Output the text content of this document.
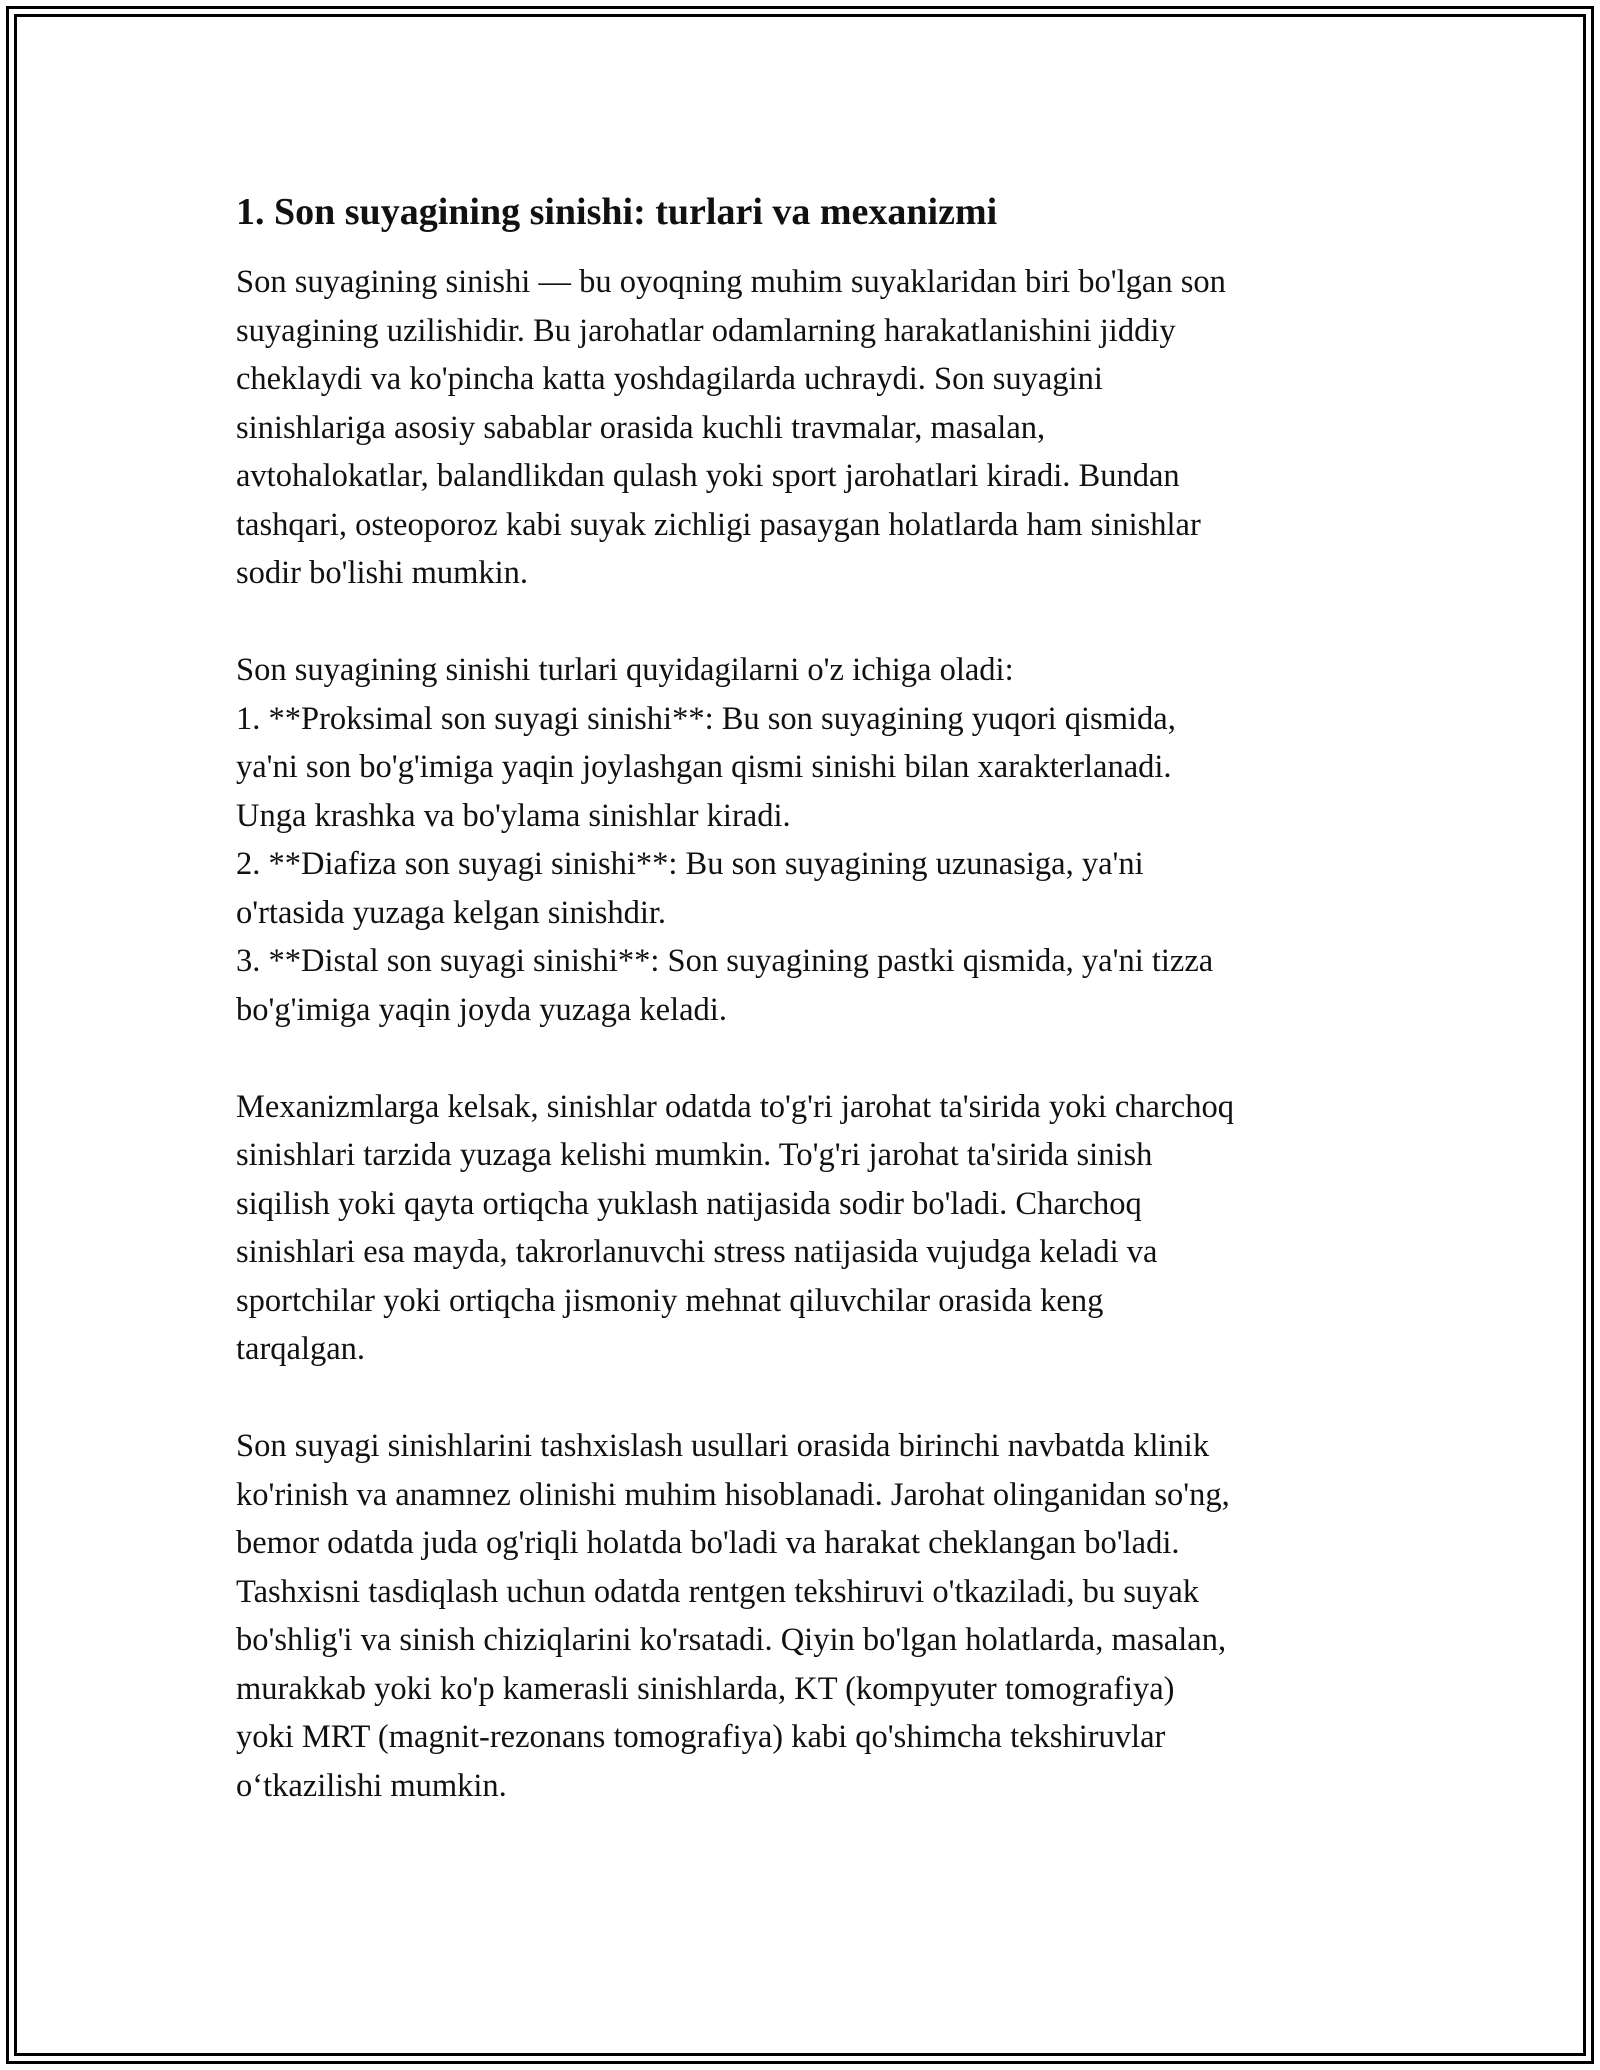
1. Son suyagining sinishi: turlari va mexanizmi
Son suyagining sinishi — bu oyoqning muhim suyaklaridan biri bo'lgan son
suyagining uzilishidir. Bu jarohatlar odamlarning harakatlanishini jiddiy
cheklaydi va ko'pincha katta yoshdagilarda uchraydi. Son suyagini
sinishlariga asosiy sabablar orasida kuchli travmalar, masalan,
avtohalokatlar, balandlikdan qulash yoki sport jarohatlari kiradi. Bundan
tashqari, osteoporoz kabi suyak zichligi pasaygan holatlarda ham sinishlar
sodir bo'lishi mumkin.
Son suyagining sinishi turlari quyidagilarni o'z ichiga oladi:
1. **Proksimal son suyagi sinishi**: Bu son suyagining yuqori qismida,
ya'ni son bo'g'imiga yaqin joylashgan qismi sinishi bilan xarakterlanadi.
Unga krashka va bo'ylama sinishlar kiradi.
2. **Diafiza son suyagi sinishi**: Bu son suyagining uzunasiga, ya'ni
o'rtasida yuzaga kelgan sinishdir.
3. **Distal son suyagi sinishi**: Son suyagining pastki qismida, ya'ni tizza
bo'g'imiga yaqin joyda yuzaga keladi.
Mexanizmlarga kelsak, sinishlar odatda to'g'ri jarohat ta'sirida yoki charchoq
sinishlari tarzida yuzaga kelishi mumkin. To'g'ri jarohat ta'sirida sinish
siqilish yoki qayta ortiqcha yuklash natijasida sodir bo'ladi. Charchoq
sinishlari esa mayda, takrorlanuvchi stress natijasida vujudga keladi va
sportchilar yoki ortiqcha jismoniy mehnat qiluvchilar orasida keng
tarqalgan.
Son suyagi sinishlarini tashxislash usullari orasida birinchi navbatda klinik
ko'rinish va anamnez olinishi muhim hisoblanadi. Jarohat olinganidan so'ng,
bemor odatda juda og'riqli holatda bo'ladi va harakat cheklangan bo'ladi.
Tashxisni tasdiqlash uchun odatda rentgen tekshiruvi o'tkaziladi, bu suyak
bo'shlig'i va sinish chiziqlarini ko'rsatadi. Qiyin bo'lgan holatlarda, masalan,
murakkab yoki ko'p kamerasli sinishlarda, KT (kompyuter tomografiya)
yoki MRT (magnit-rezonans tomografiya) kabi qo'shimcha tekshiruvlar
o‘tkazilishi mumkin.
